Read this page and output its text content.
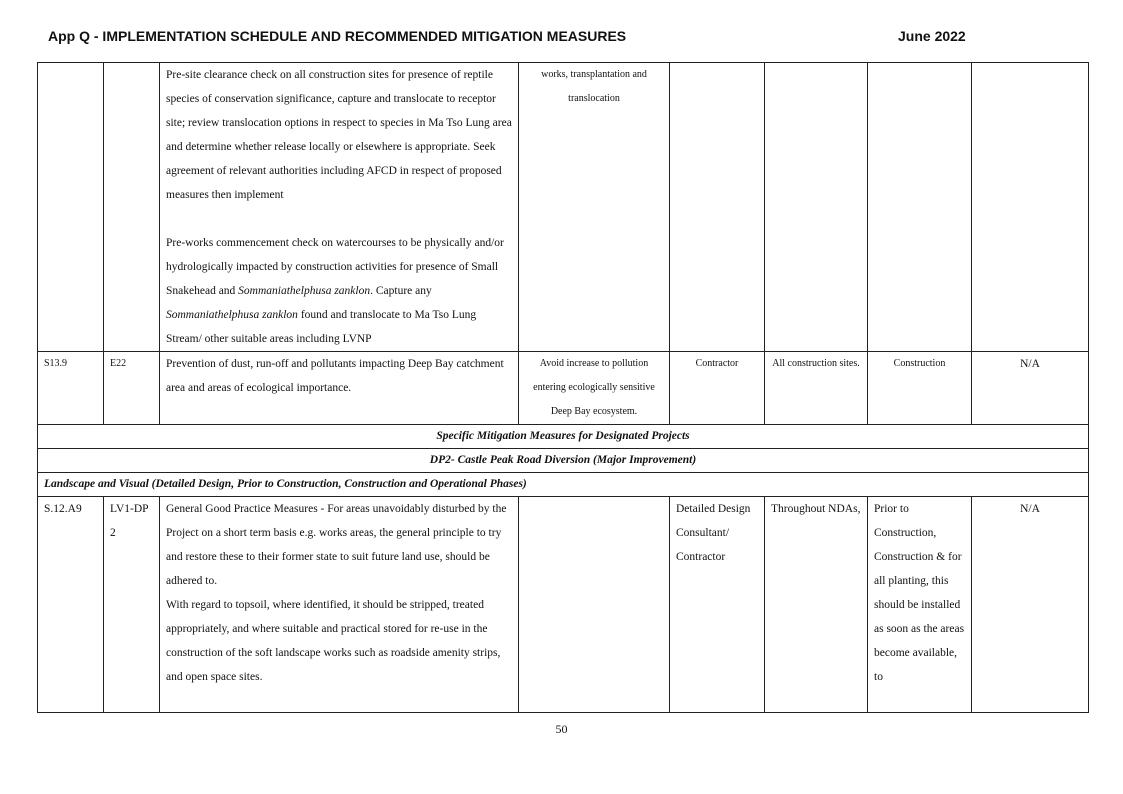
App Q - IMPLEMENTATION SCHEDULE AND RECOMMENDED MITIGATION MEASURES	June 2022

		Pre-site clearance check on all construction sites for presence of reptile species of conservation significance, capture and translocate to receptor site; review translocation options in respect to species in Ma Tso Lung area and determine whether release locally or elsewhere is appropriate. Seek agreement of relevant authorities including AFCD in respect of proposed measures then implement

Pre-works commencement check on watercourses to be physically and/or hydrologically impacted by construction activities for presence of Small Snakehead and Sommaniathelphusa zanklon. Capture any Sommaniathelphusa zanklon found and translocate to Ma Tso Lung Stream/ other suitable areas including LVNP	works, transplantation and translocation				
S13.9	E22	Prevention of dust, run-off and pollutants impacting Deep Bay catchment area and areas of ecological importance.	Avoid increase to pollution entering ecologically sensitive Deep Bay ecosystem.	Contractor	All construction sites.	Construction	N/A
Specific Mitigation Measures for Designated Projects							
DP2- Castle Peak Road Diversion (Major Improvement)							
Landscape and Visual (Detailed Design, Prior to Construction, Construction and Operational Phases)							
S.12.A9	LV1-DP2	General Good Practice Measures - For areas unavoidably disturbed by the Project on a short term basis e.g. works areas, the general principle to try and restore these to their former state to suit future land use, should be adhered to.

With regard to topsoil, where identified, it should be stripped, treated appropriately, and where suitable and practical stored for re-use in the construction of the soft landscape works such as roadside amenity strips, and open space sites.		Detailed Design Consultant/ Contractor	Throughout NDAs,	Prior to Construction, Construction & for all planting, this should be installed as soon as the areas become available, to	N/A
50
